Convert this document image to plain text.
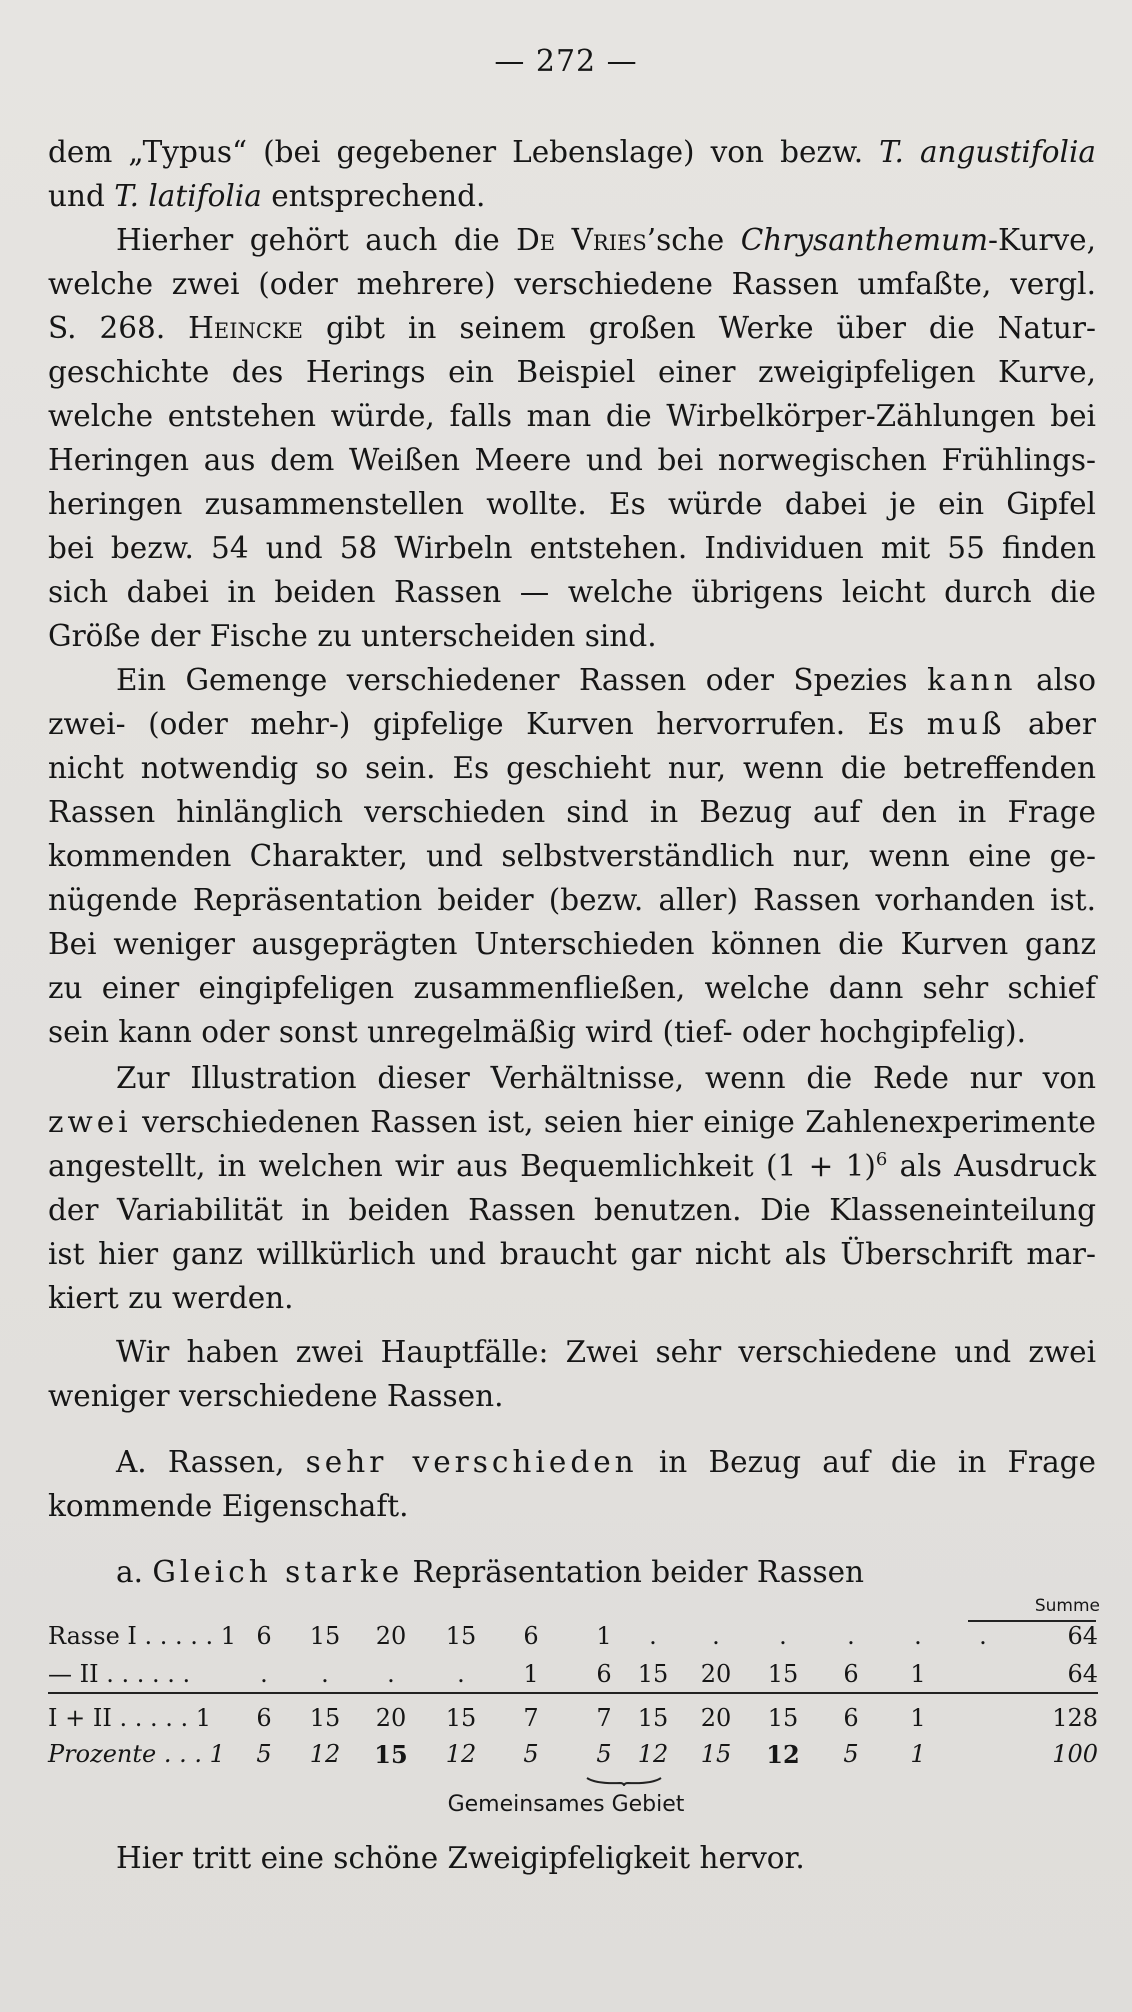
— 272 —
dem „Typus“ (bei gegebener Lebenslage) von bezw. T. angustifolia
und T. latifolia entsprechend.
Hierher gehört auch die De Vries’sche Chrysanthemum-Kurve,
welche zwei (oder mehrere) verschiedene Rassen umfaßte, vergl.
S. 268. Heincke gibt in seinem großen Werke über die Natur-
geschichte des Herings ein Beispiel einer zweigipfeligen Kurve,
welche entstehen würde, falls man die Wirbelkörper-Zählungen bei
Heringen aus dem Weißen Meere und bei norwegischen Frühlings-
heringen zusammenstellen wollte. Es würde dabei je ein Gipfel
bei bezw. 54 und 58 Wirbeln entstehen. Individuen mit 55 finden
sich dabei in beiden Rassen — welche übrigens leicht durch die
Größe der Fische zu unterscheiden sind.
Ein Gemenge verschiedener Rassen oder Spezies kann also
zwei- (oder mehr-) gipfelige Kurven hervorrufen. Es muß aber
nicht notwendig so sein. Es geschieht nur, wenn die betreffenden
Rassen hinlänglich verschieden sind in Bezug auf den in Frage
kommenden Charakter, und selbstverständlich nur, wenn eine ge-
nügende Repräsentation beider (bezw. aller) Rassen vorhanden ist.
Bei weniger ausgeprägten Unterschieden können die Kurven ganz
zu einer eingipfeligen zusammenfließen, welche dann sehr schief
sein kann oder sonst unregelmäßig wird (tief- oder hochgipfelig).
Zur Illustration dieser Verhältnisse, wenn die Rede nur von
zwei verschiedenen Rassen ist, seien hier einige Zahlenexperimente
angestellt, in welchen wir aus Bequemlichkeit $(1 + 1)^6$ als Ausdruck
der Variabilität in beiden Rassen benutzen. Die Klasseneinteilung
ist hier ganz willkürlich und braucht gar nicht als Überschrift mar-
kiert zu werden.
Wir haben zwei Hauptfälle: Zwei sehr verschiedene und zwei
weniger verschiedene Rassen.
A. Rassen, sehr verschieden in Bezug auf die in Frage
kommende Eigenschaft.
a. Gleich starke Repräsentation beider Rassen
Summe
Rasse I . . . . . 1 6	15	20	15	6	1	.	.	.	.	.	.	64
— II . . . . . .	.	.	.	.	1	6	15	20	15	6	1	64
I + II . . . . . 1	6	15	20	15	7	7	15	20	15	6	1	128
Prozente . . . 1	5	12	15	12	5	5	12	15	12	5	1	100
Gemeinsames Gebiet
Hier tritt eine schöne Zweigipfeligkeit hervor.
